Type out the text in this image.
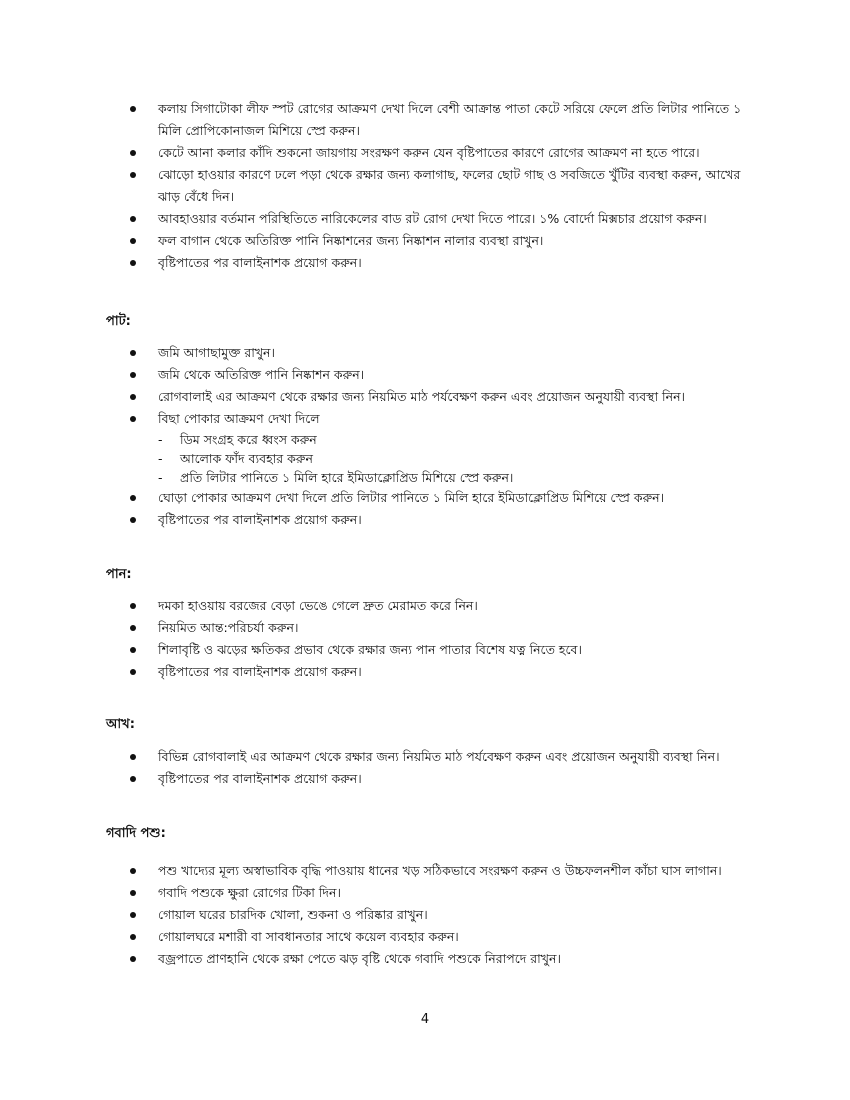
কলায় সিগাটোকা লীফ স্পট রোগের আক্রমণ দেখা দিলে বেশী আক্রান্ত পাতা কেটে সরিয়ে ফেলে প্রতি লিটার পানিতে ১ মিলি প্রোপিকোনাজল মিশিয়ে স্প্রে করুন।
কেটে আনা কলার কাঁদি শুকনো জায়গায় সংরক্ষণ করুন যেন বৃষ্টিপাতের কারণে রোগের আক্রমণ না হতে পারে।
ঝোড়ো হাওয়ার কারণে ঢলে পড়া থেকে রক্ষার জন্য কলাগাছ, ফলের ছোট গাছ ও সবজিতে খুঁটির ব্যবস্থা করুন, আখের ঝাড় বেঁধে দিন।
আবহাওয়ার বর্তমান পরিস্থিতিতে নারিকেলের বাড রট রোগ দেখা দিতে পারে। ১% বোর্দো মিক্সচার প্রয়োগ করুন।
ফল বাগান থেকে অতিরিক্ত পানি নিষ্কাশনের জন্য নিষ্কাশন নালার ব্যবস্থা রাখুন।
বৃষ্টিপাতের পর বালাইনাশক প্রয়োগ করুন।
পাট:
জমি আগাছামুক্ত রাখুন।
জমি থেকে অতিরিক্ত পানি নিষ্কাশন করুন।
রোগবালাই এর আক্রমণ থেকে রক্ষার জন্য নিয়মিত মাঠ পর্যবেক্ষণ করুন এবং প্রয়োজন অনুযায়ী ব্যবস্থা নিন।
বিছা পোকার আক্রমণ দেখা দিলে
- ডিম সংগ্রহ করে ধ্বংস করুন
- আলোক ফাঁদ ব্যবহার করুন
- প্রতি লিটার পানিতে ১ মিলি হারে ইমিডাক্লোপ্রিড মিশিয়ে স্প্রে করুন।
ঘোড়া পোকার আক্রমণ দেখা দিলে প্রতি লিটার পানিতে ১ মিলি হারে ইমিডাক্লোপ্রিড মিশিয়ে স্প্রে করুন।
বৃষ্টিপাতের পর বালাইনাশক প্রয়োগ করুন।
পান:
দমকা হাওয়ায় বরজের বেড়া ভেঙে গেলে দ্রুত মেরামত করে নিন।
নিয়মিত আন্ত:পরিচর্যা করুন।
শিলাবৃষ্টি ও ঝড়ের ক্ষতিকর প্রভাব থেকে রক্ষার জন্য পান পাতার বিশেষ যত্ন নিতে হবে।
বৃষ্টিপাতের পর বালাইনাশক প্রয়োগ করুন।
আখ:
বিভিন্ন রোগবালাই এর আক্রমণ থেকে রক্ষার জন্য নিয়মিত মাঠ পর্যবেক্ষণ করুন এবং প্রয়োজন অনুযায়ী ব্যবস্থা নিন।
বৃষ্টিপাতের পর বালাইনাশক প্রয়োগ করুন।
গবাদি পশু:
পশু খাদ্যের মূল্য অস্বাভাবিক বৃদ্ধি পাওয়ায় ধানের খড় সঠিকভাবে সংরক্ষণ করুন ও উচ্চফলনশীল কাঁচা ঘাস লাগান।
গবাদি পশুকে ক্ষুরা রোগের টিকা দিন।
গোয়াল ঘরের চারদিক খোলা, শুকনা ও পরিষ্কার রাখুন।
গোয়ালঘরে মশারী বা সাবধানতার সাথে কয়েল ব্যবহার করুন।
বজ্রপাতে প্রাণহানি থেকে রক্ষা পেতে ঝড় বৃষ্টি থেকে গবাদি পশুকে নিরাপদে রাখুন।
4
